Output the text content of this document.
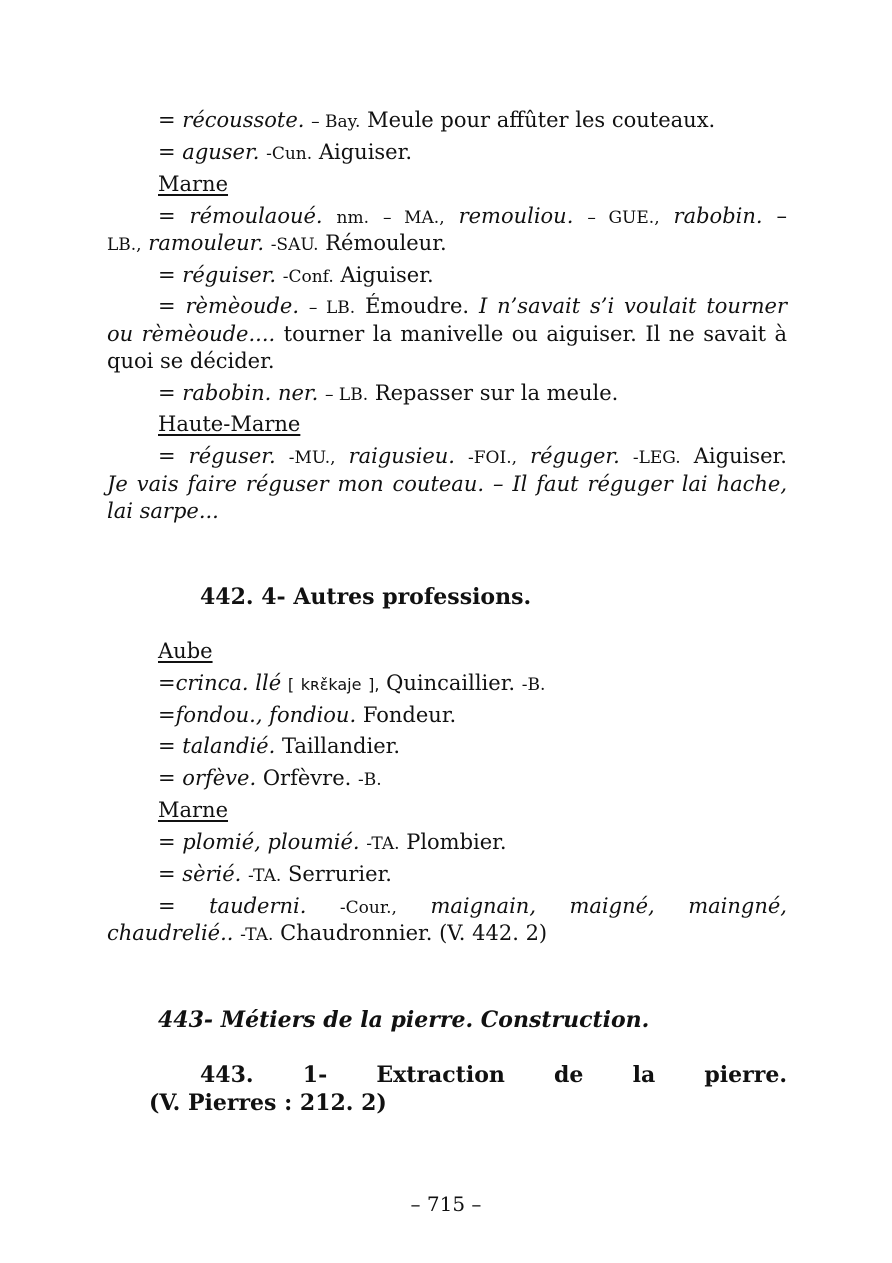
= récoussote. – Bay. Meule pour affûter les couteaux.
= aguser. -Cun. Aiguiser.
Marne
= rémoulaoué. nm. – MA., remouliou. – GUE., rabobin. –
LB., ramouleur. -SAU. Rémouleur.
= réguiser. -Conf. Aiguiser.
= rèmèoude. – LB. Émoudre. I n’savait s’i voulait tourner
ou rèmèoude.... tourner la manivelle ou aiguiser. Il ne savait à
quoi se décider.
= rabobin. ner. – LB. Repasser sur la meule.
Haute-Marne
= réguser. -MU., raigusieu. -FOI., réguger. -LEG. Aiguiser.
Je vais faire réguser mon couteau. – Il faut réguger lai hache,
lai sarpe...
442. 4- Autres professions.
Aube
=crinca. llé [ kʀɛ̌kaje ], Quincaillier. -B.
=fondou., fondiou. Fondeur.
= talandié. Taillandier.
= orfève. Orfèvre. -B.
Marne
= plomié, ploumié. -TA. Plombier.
= sèrié. -TA. Serrurier.
= tauderni. -Cour., maignain, maigné, maingné,
chaudrelié.. -TA. Chaudronnier. (V. 442. 2)
443- Métiers de la pierre. Construction.
443. 1- Extraction de la pierre.
(V. Pierres : 212. 2)
– 715 –
